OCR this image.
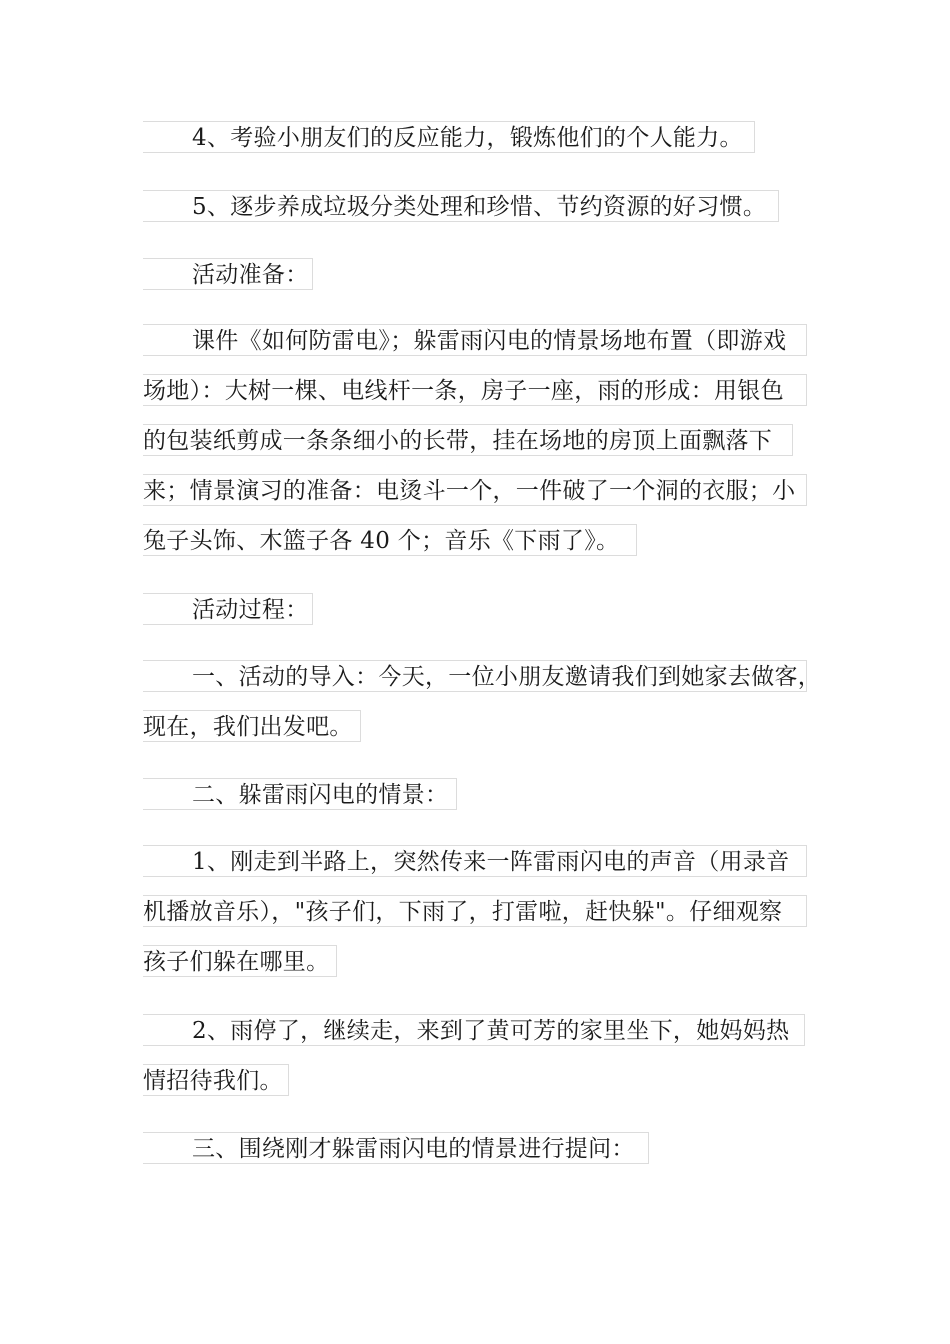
4、考验小朋友们的反应能力，锻炼他们的个人能力。
5、逐步养成垃圾分类处理和珍惜、节约资源的好习惯。
活动准备：
课件《如何防雷电》；躲雷雨闪电的情景场地布置（即游戏
场地）：大树一棵、电线杆一条，房子一座，雨的形成：用银色
的包装纸剪成一条条细小的长带，挂在场地的房顶上面飘落下
来；情景演习的准备：电烫斗一个，一件破了一个洞的衣服；小
兔子头饰、木篮子各 40 个；音乐《下雨了》。
活动过程：
一、活动的导入：今天，一位小朋友邀请我们到她家去做客，
现在，我们出发吧。
二、躲雷雨闪电的情景：
1、刚走到半路上，突然传来一阵雷雨闪电的声音（用录音
机播放音乐），"孩子们，下雨了，打雷啦，赶快躲"。仔细观察
孩子们躲在哪里。
2、雨停了，继续走，来到了黄可芳的家里坐下，她妈妈热
情招待我们。
三、围绕刚才躲雷雨闪电的情景进行提问：
